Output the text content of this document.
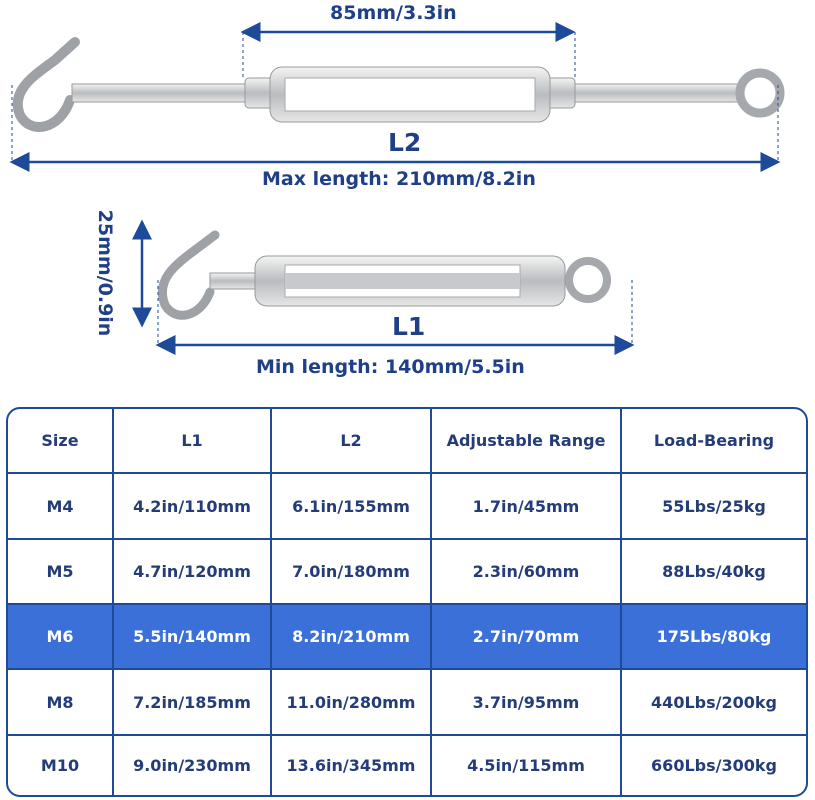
85mm/3.3in
L2
Max length: 210mm/8.2in
25mm/0.9in	L1
Min length: 140mm/5.5in
Size	L1	L2	Adjustable Range	Load-Bearing
M4	4.2in/110mm	6.1in/155mm	1.7in/45mm	55Lbs/25kg
M5	4.7in/120mm	7.0in/180mm	2.3in/60mm	88Lbs/40kg
M6	5.5in/140mm	8.2in/210mm	2.7in/70mm	175Lbs/80kg
M8	7.2in/185mm	11.0in/280mm	3.7in/95mm	440Lbs/200kg
M10	9.0in/230mm	13.6in/345mm	4.5in/115mm	660Lbs/300kg
